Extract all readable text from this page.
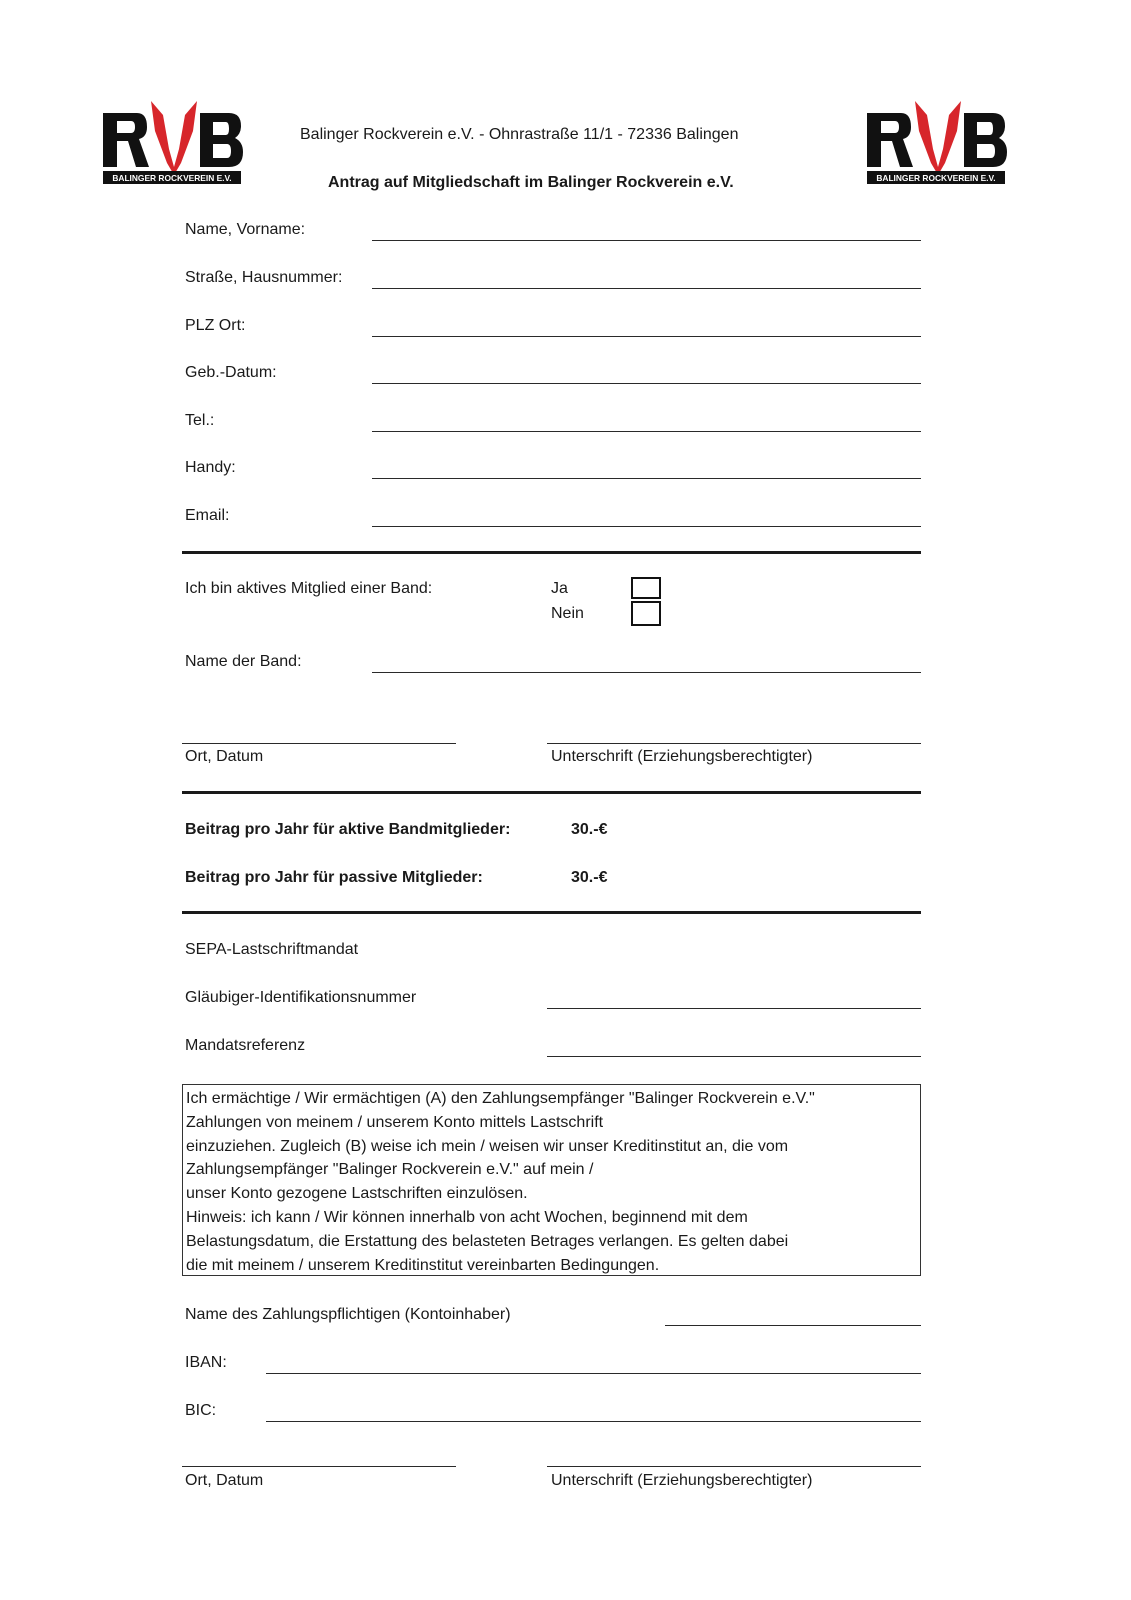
BALINGER ROCKVEREIN E.V.	BALINGER ROCKVEREIN E.V.
Balinger Rockverein e.V. - Ohnrastraße 11/1 - 72336 Balingen
Antrag auf Mitgliedschaft im Balinger Rockverein e.V.
Name, Vorname:
Straße, Hausnummer:
PLZ Ort:
Geb.-Datum:
Tel.:
Handy:
Email:
Ich bin aktives Mitglied einer Band:	Ja
Nein
Name der Band:
Ort, Datum	Unterschrift (Erziehungsberechtigter)
Beitrag pro Jahr für aktive Bandmitglieder:	30.-€
Beitrag pro Jahr für passive Mitglieder:	30.-€
SEPA-Lastschriftmandat
Gläubiger-Identifikationsnummer
Mandatsreferenz
Ich ermächtige / Wir ermächtigen (A) den Zahlungsempfänger "Balinger Rockverein e.V."
Zahlungen von meinem / unserem Konto mittels Lastschrift
einzuziehen. Zugleich (B) weise ich mein / weisen wir unser Kreditinstitut an, die vom
Zahlungsempfänger "Balinger Rockverein e.V." auf mein /
unser Konto gezogene Lastschriften einzulösen.
Hinweis: ich kann / Wir können innerhalb von acht Wochen, beginnend mit dem
Belastungsdatum, die Erstattung des belasteten Betrages verlangen. Es gelten dabei
die mit meinem / unserem Kreditinstitut vereinbarten Bedingungen.
Name des Zahlungspflichtigen (Kontoinhaber)
IBAN:
BIC:
Ort, Datum	Unterschrift (Erziehungsberechtigter)
